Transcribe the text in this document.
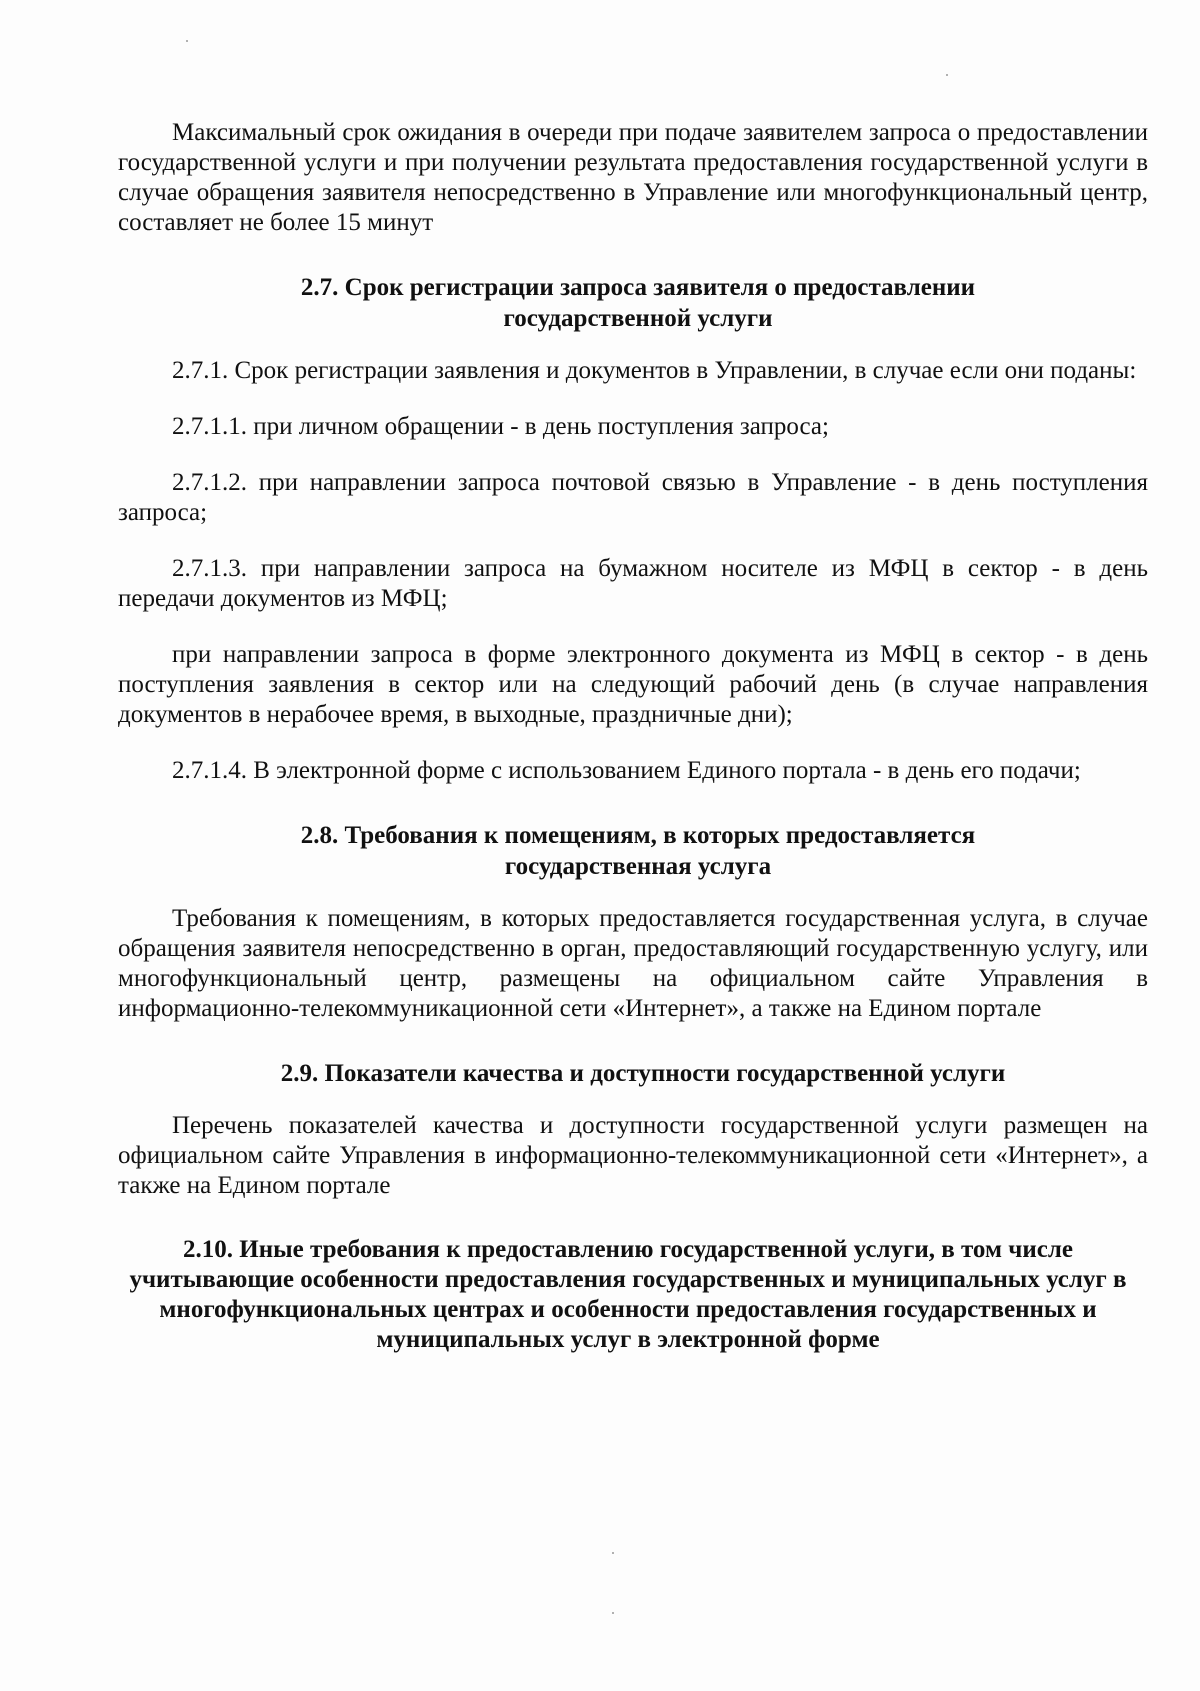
Максимальный срок ожидания в очереди при подаче заявителем запроса о предоставлении государственной услуги и при получении результата предоставления государственной услуги в случае обращения заявителя непосредственно в Управление или многофункциональный центр, составляет не более 15 минут

2.7. Срок регистрации запроса заявителя о предоставлении
государственной услуги

2.7.1. Срок регистрации заявления и документов в Управлении, в случае если они поданы:

2.7.1.1. при личном обращении - в день поступления запроса;

2.7.1.2. при направлении запроса почтовой связью в Управление - в день поступления запроса;

2.7.1.3. при направлении запроса на бумажном носителе из МФЦ в сектор - в день передачи документов из МФЦ;

при направлении запроса в форме электронного документа из МФЦ в сектор - в день поступления заявления в сектор или на следующий рабочий день (в случае направления документов в нерабочее время, в выходные, праздничные дни);

2.7.1.4. В электронной форме с использованием Единого портала - в день его подачи;

2.8. Требования к помещениям, в которых предоставляется
государственная услуга

Требования к помещениям, в которых предоставляется государственная услуга, в случае обращения заявителя непосредственно в орган, предоставляющий государственную услугу, или многофункциональный центр, размещены на официальном сайте Управления в информационно-телекоммуникационной сети «Интернет», а также на Едином портале

2.9. Показатели качества и доступности государственной услуги

Перечень показателей качества и доступности государственной услуги размещен на официальном сайте Управления в информационно-телекоммуникационной сети «Интернет», а также на Едином портале

2.10. Иные требования к предоставлению государственной услуги, в том числе учитывающие особенности предоставления государственных и муниципальных услуг в многофункциональных центрах и особенности предоставления государственных и муниципальных услуг в электронной форме
